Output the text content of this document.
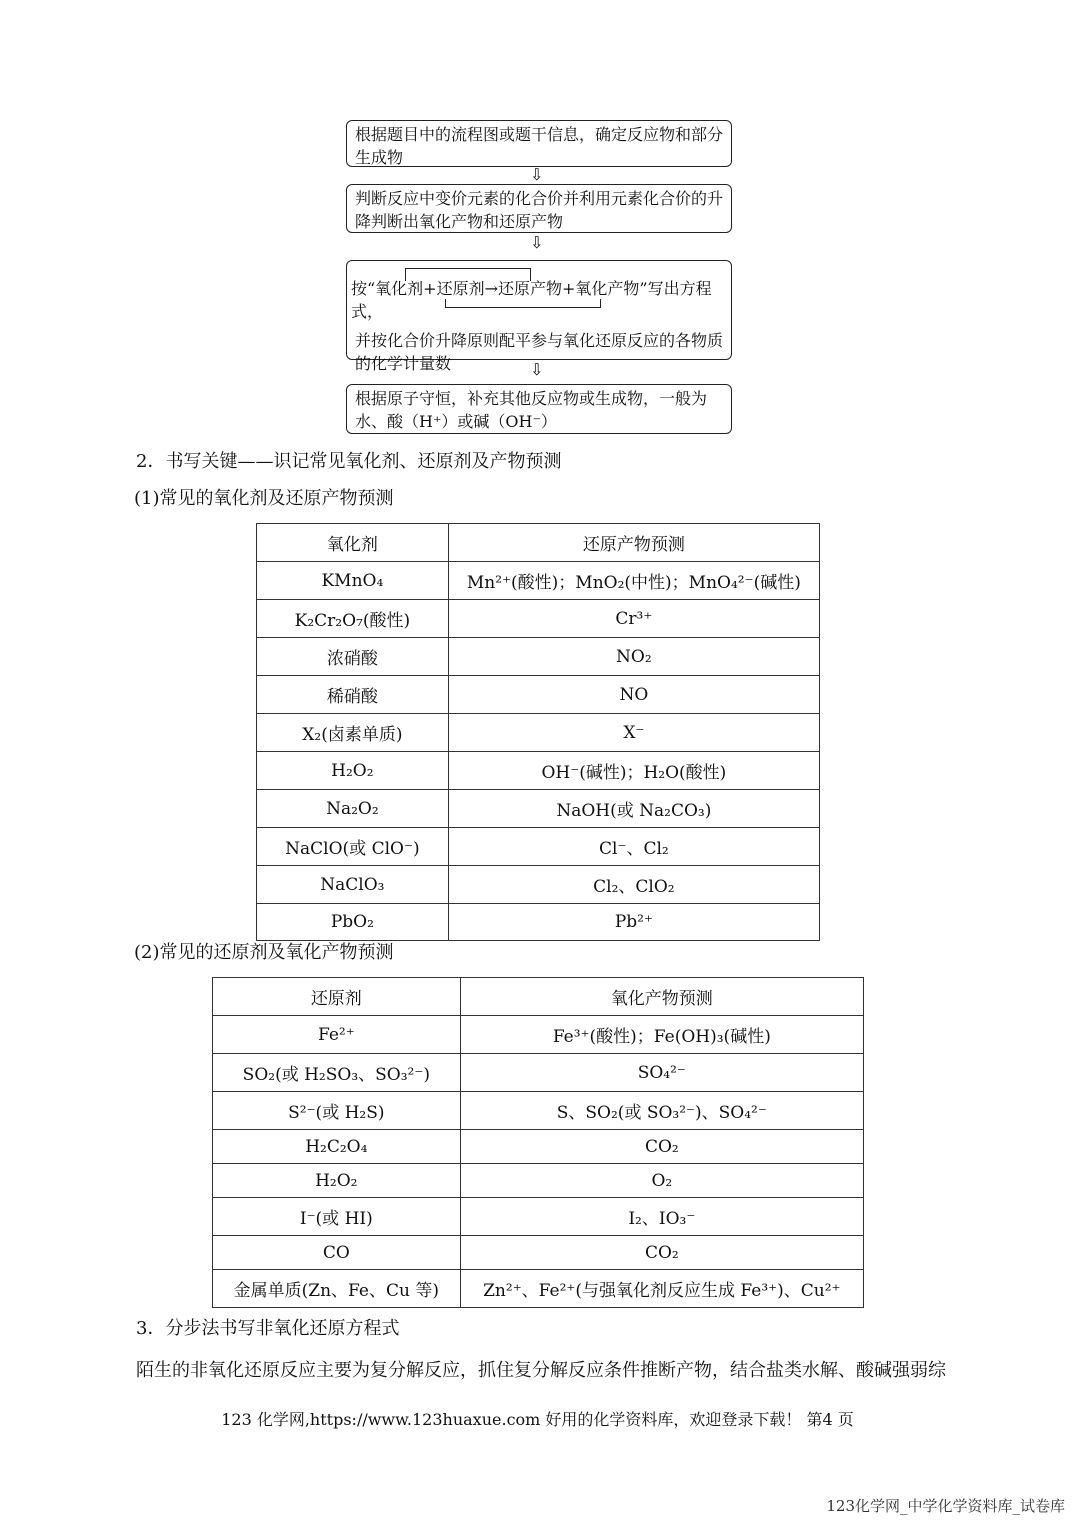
根据题目中的流程图或题干信息，确定反应物和部分生成物
⇩
判断反应中变价元素的化合价并利用元素化合价的升降判断出氧化产物和还原产物
⇩
按“氧化剂+还原剂→还原产物+氧化产物”写出方程式，
并按化合价升降原则配平参与氧化还原反应的各物质的化学计量数	⇩
根据原子守恒，补充其他反应物或生成物，一般为水、酸（H⁺）或碱（OH⁻）
2．书写关键——识记常见氧化剂、还原剂及产物预测
(1)常见的氧化剂及还原产物预测
氧化剂	还原产物预测
KMnO₄	Mn²⁺(酸性)；MnO₂(中性)；MnO₄²⁻(碱性)
K₂Cr₂O₇(酸性)	Cr³⁺
浓硝酸	NO₂
稀硝酸	NO
X₂(卤素单质)	X⁻
H₂O₂	OH⁻(碱性)；H₂O(酸性)
Na₂O₂	NaOH(或 Na₂CO₃)
NaClO(或 ClO⁻)	Cl⁻、Cl₂
NaClO₃	Cl₂、ClO₂
PbO₂	Pb²⁺
(2)常见的还原剂及氧化产物预测
还原剂	氧化产物预测
Fe²⁺	Fe³⁺(酸性)；Fe(OH)₃(碱性)
SO₂(或 H₂SO₃、SO₃²⁻)	SO₄²⁻
S²⁻(或 H₂S)	S、SO₂(或 SO₃²⁻)、SO₄²⁻
H₂C₂O₄	CO₂
H₂O₂	O₂
I⁻(或 HI)	I₂、IO₃⁻
CO	CO₂
金属单质(Zn、Fe、Cu 等)	Zn²⁺、Fe²⁺(与强氧化剂反应生成 Fe³⁺)、Cu²⁺
3．分步法书写非氧化还原方程式
陌生的非氧化还原反应主要为复分解反应，抓住复分解反应条件推断产物，结合盐类水解、酸碱强弱综
123 化学网,https://www.123huaxue.com 好用的化学资料库，欢迎登录下载！ 第4 页
123化学网_中学化学资料库_试卷库
